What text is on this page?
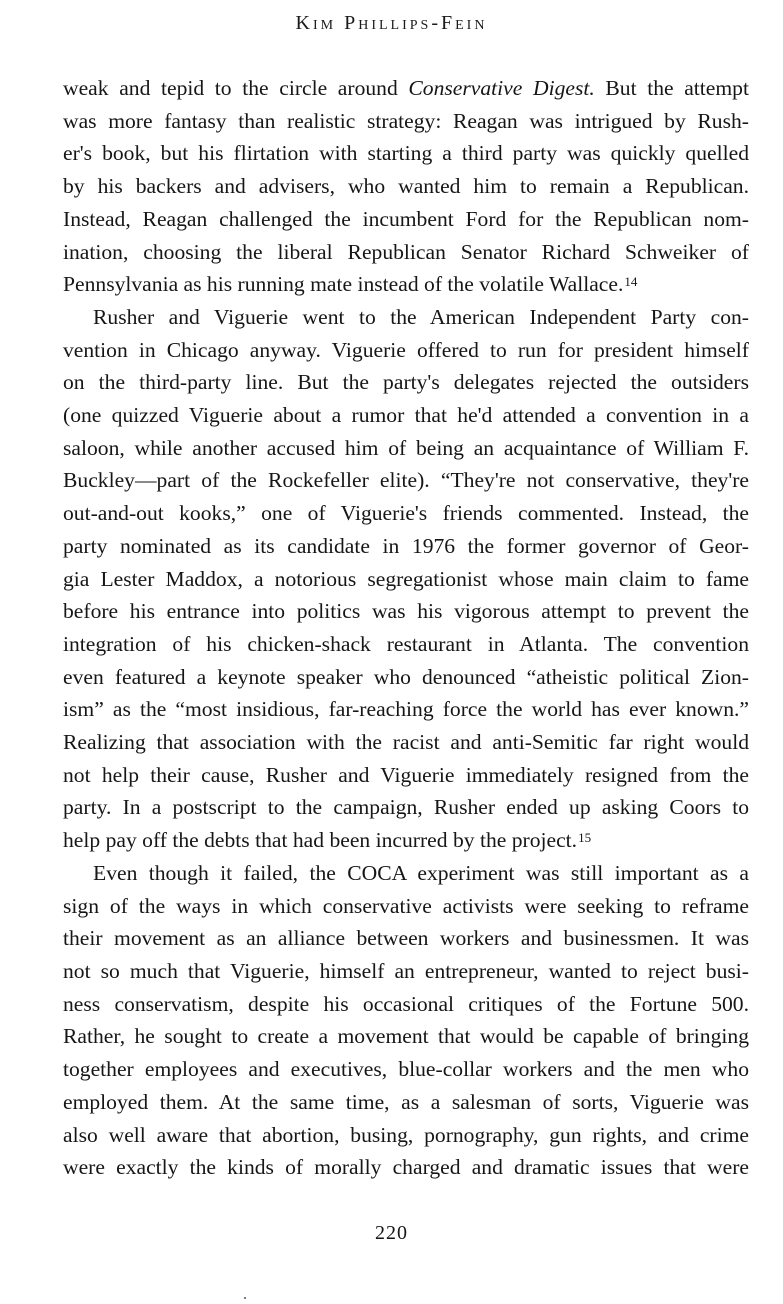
Kim Phillips-Fein
weak and tepid to the circle around Conservative Digest. But the attempt
was more fantasy than realistic strategy: Reagan was intrigued by Rush-
er's book, but his flirtation with starting a third party was quickly quelled
by his backers and advisers, who wanted him to remain a Republican.
Instead, Reagan challenged the incumbent Ford for the Republican nom-
ination, choosing the liberal Republican Senator Richard Schweiker of
Pennsylvania as his running mate instead of the volatile Wallace.$^{14}$
Rusher and Viguerie went to the American Independent Party con-
vention in Chicago anyway. Viguerie offered to run for president himself
on the third-party line. But the party's delegates rejected the outsiders
(one quizzed Viguerie about a rumor that he'd attended a convention in a
saloon, while another accused him of being an acquaintance of William F.
Buckley—part of the Rockefeller elite). “They're not conservative, they're
out-and-out kooks,” one of Viguerie's friends commented. Instead, the
party nominated as its candidate in 1976 the former governor of Geor-
gia Lester Maddox, a notorious segregationist whose main claim to fame
before his entrance into politics was his vigorous attempt to prevent the
integration of his chicken-shack restaurant in Atlanta. The convention
even featured a keynote speaker who denounced “atheistic political Zion-
ism” as the “most insidious, far-reaching force the world has ever known.”
Realizing that association with the racist and anti-Semitic far right would
not help their cause, Rusher and Viguerie immediately resigned from the
party. In a postscript to the campaign, Rusher ended up asking Coors to
help pay off the debts that had been incurred by the project.$^{15}$
Even though it failed, the COCA experiment was still important as a
sign of the ways in which conservative activists were seeking to reframe
their movement as an alliance between workers and businessmen. It was
not so much that Viguerie, himself an entrepreneur, wanted to reject busi-
ness conservatism, despite his occasional critiques of the Fortune 500.
Rather, he sought to create a movement that would be capable of bringing
together employees and executives, blue-collar workers and the men who
employed them. At the same time, as a salesman of sorts, Viguerie was
also well aware that abortion, busing, pornography, gun rights, and crime
were exactly the kinds of morally charged and dramatic issues that were
220
